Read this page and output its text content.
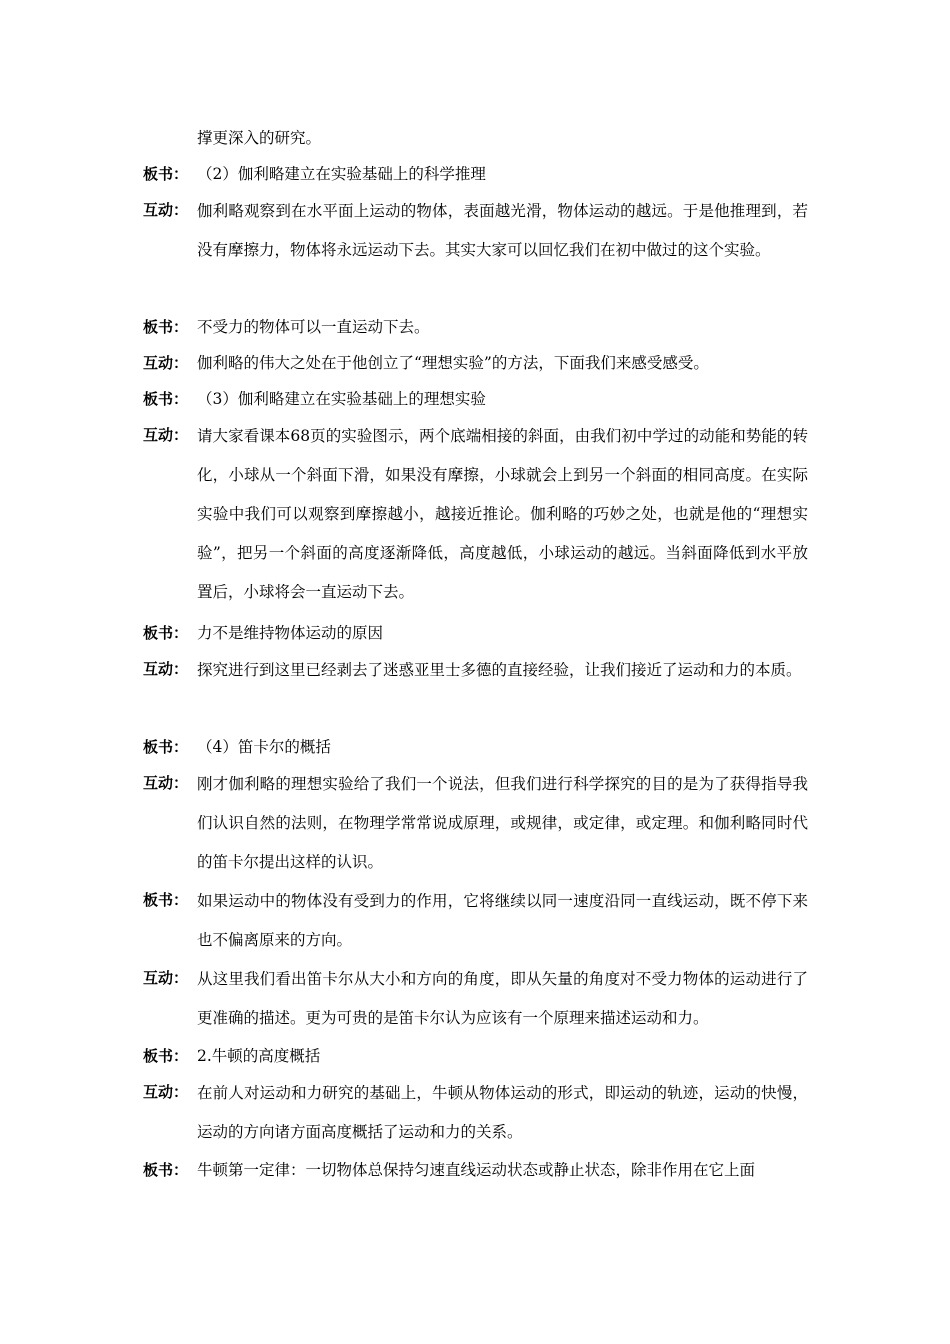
撑更深入的研究。
板书： （2）伽利略建立在实验基础上的科学推理
互动： 伽利略观察到在水平面上运动的物体，表面越光滑，物体运动的越远。于是他推理到，若没有摩擦力，物体将永远运动下去。其实大家可以回忆我们在初中做过的这个实验。
板书： 不受力的物体可以一直运动下去。
互动： 伽利略的伟大之处在于他创立了“理想实验”的方法，下面我们来感受感受。
板书： （3）伽利略建立在实验基础上的理想实验
互动： 请大家看课本68页的实验图示，两个底端相接的斜面，由我们初中学过的动能和势能的转化，小球从一个斜面下滑，如果没有摩擦，小球就会上到另一个斜面的相同高度。在实际实验中我们可以观察到摩擦越小，越接近推论。伽利略的巧妙之处，也就是他的“理想实验”，把另一个斜面的高度逐渐降低，高度越低，小球运动的越远。当斜面降低到水平放置后，小球将会一直运动下去。
板书： 力不是维持物体运动的原因
互动： 探究进行到这里已经剥去了迷惑亚里士多德的直接经验，让我们接近了运动和力的本质。
板书： （4）笛卡尔的概括
互动： 刚才伽利略的理想实验给了我们一个说法，但我们进行科学探究的目的是为了获得指导我们认识自然的法则，在物理学常常说成原理，或规律，或定律，或定理。和伽利略同时代的笛卡尔提出这样的认识。
板书： 如果运动中的物体没有受到力的作用，它将继续以同一速度沿同一直线运动，既不停下来也不偏离原来的方向。
互动： 从这里我们看出笛卡尔从大小和方向的角度，即从矢量的角度对不受力物体的运动进行了更准确的描述。更为可贵的是笛卡尔认为应该有一个原理来描述运动和力。
板书： 2.牛顿的高度概括
互动： 在前人对运动和力研究的基础上，牛顿从物体运动的形式，即运动的轨迹，运动的快慢，运动的方向诸方面高度概括了运动和力的关系。
板书： 牛顿第一定律：一切物体总保持匀速直线运动状态或静止状态，除非作用在它上面
